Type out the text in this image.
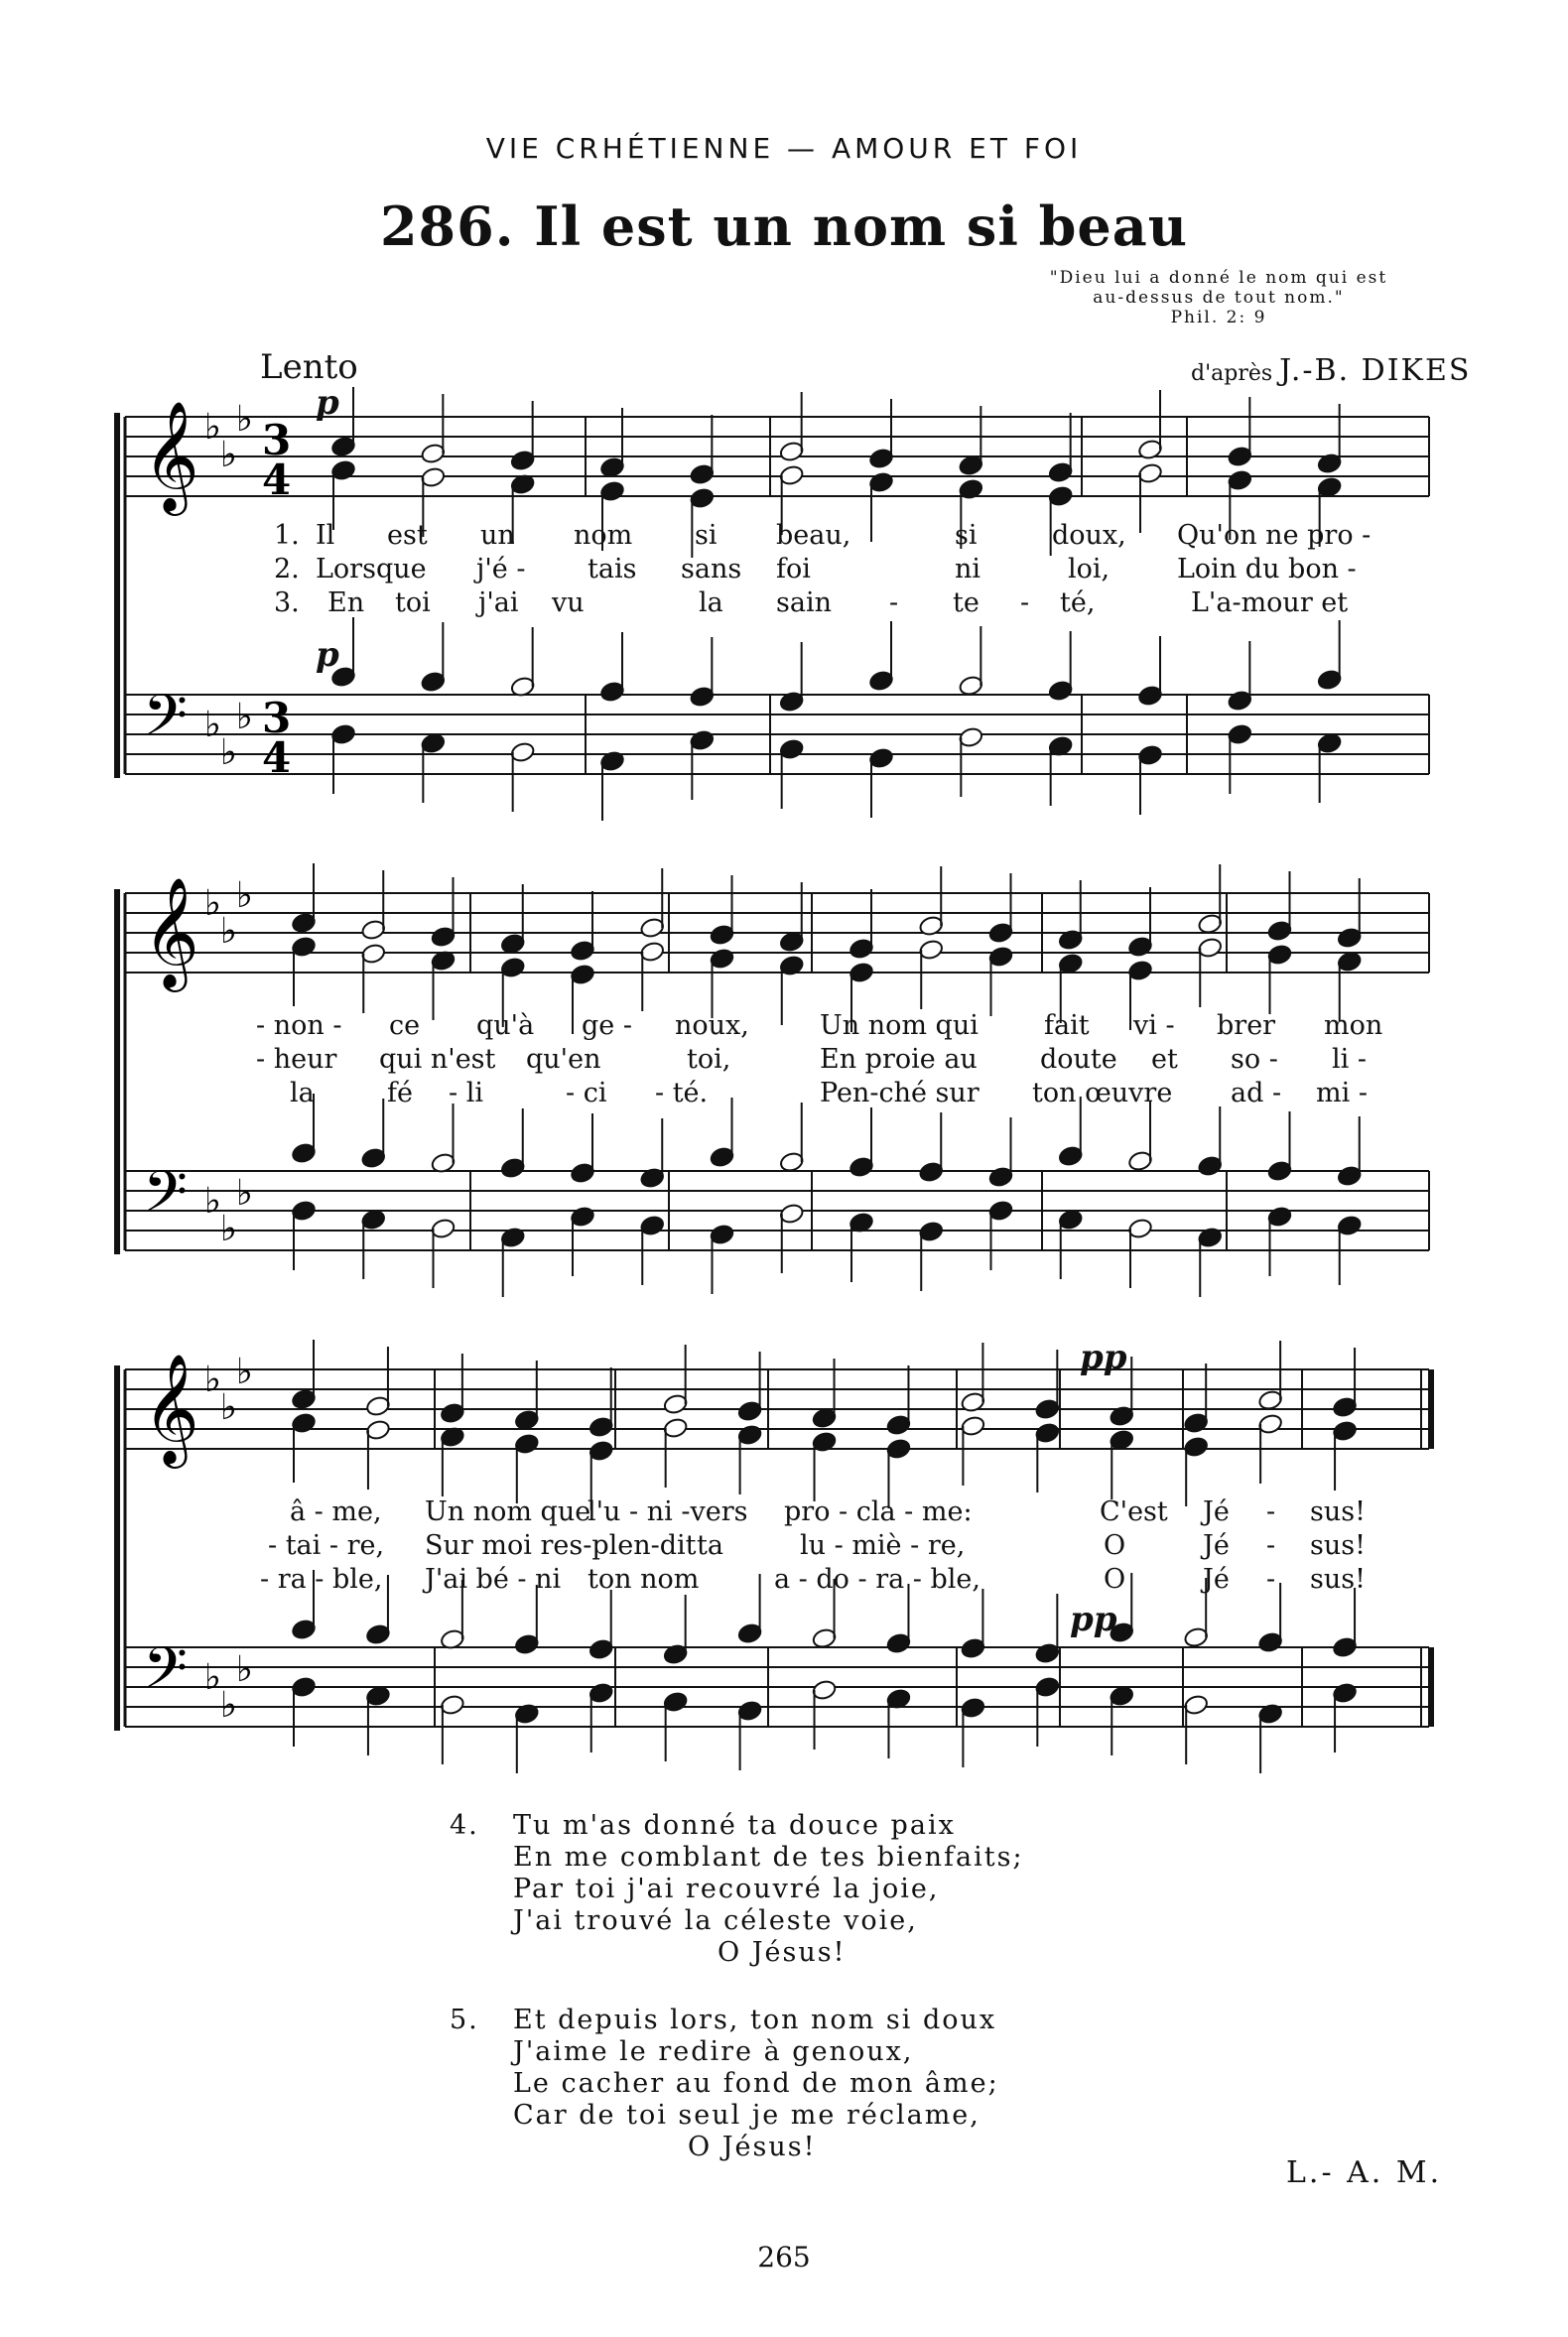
VIE CRHÉTIENNE — AMOUR ET FOI
286. Il est un nom si beau
"Dieu lui a donné le nom qui est
au-dessus de tout nom."
Phil. 2: 9
Lento	d'après J.-B. DIKES
𝄞
𝄢
♭
♭
♭
♭
♭
♭
3
4
3
4
𝄞
𝄢
♭
♭
♭
♭
♭
♭
𝄞
𝄢
♭
♭
♭
♭
♭
♭
p
p
pp
pp
1. Il est un nom si beau,	si	doux, Qu'on ne pro -
2. Lorsque j'é - tais sans foi	ni	loi,	Loin du bon -
3. En toi j'ai vu	la sain - te - té,	L'a-mour et
- non - ce qu'à ge - noux,	Un nom qui fait vi - brer mon
- heur qui n'est qu'en	toi,	En proie au doute et so - li -
la	fé - li	- ci - té.	Pen-ché sur ton œuvre ad - mi -
â - me, Un nom que
l'u - ni -vers pro - cla - me:	C'est Jé - sus!
- tai - re, Sur moi res-plen-dit ta	lu - miè - re,	O	Jé - sus!
- ra - ble, J'ai bé - ni ton nom	a - do - ra - ble,	O	Jé - sus!
4. Tu m'as donné ta douce paix
En me comblant de tes bienfaits;
Par toi j'ai recouvré la joie,
J'ai trouvé la céleste voie,
O Jésus!
5. Et depuis lors, ton nom si doux
J'aime le redire à genoux,
Le cacher au fond de mon âme;
Car de toi seul je me réclame,
O Jésus!
L.- A. M.
265
